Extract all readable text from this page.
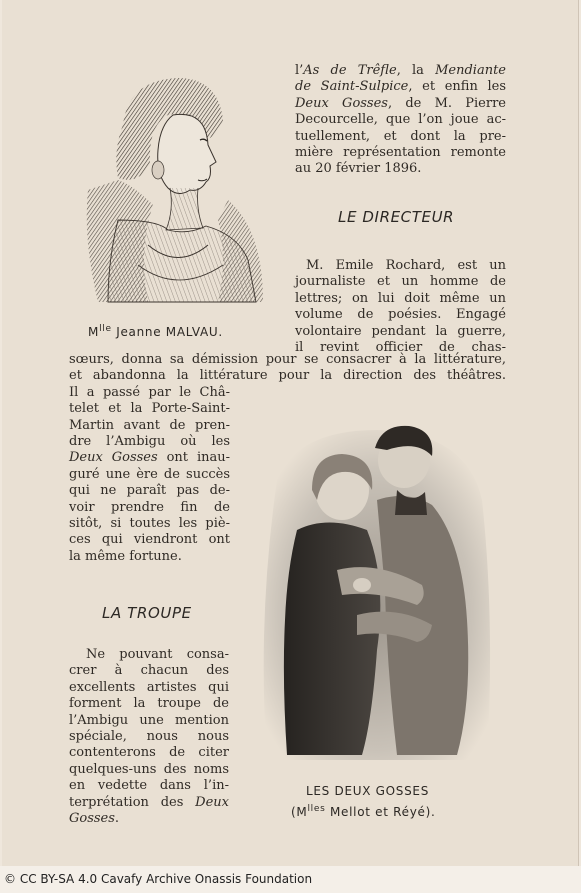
l’As de Trêfle, la Mendiante

de Saint-Sulpice, et enfin les

Deux Gosses, de M. Pierre

Decourcelle, que l’on joue ac-

tuellement, et dont la pre-

mière représentation remonte

au 20 février 1896.

$M^{lle}$ Jeanne MALVAU.
LE DIRECTEUR

M. Emile Rochard, est un

journaliste et un homme de

lettres; on lui doit même un

volume de poésies. Engagé

volontaire pendant la guerre,

il revint officier de chas-

sœurs, donna sa démission pour se consacrer à la littérature,

et abandonna la littérature pour la direction des théâtres.

Il a passé par le Châ-

telet et la Porte-Saint-

Martin avant de pren-

dre l’Ambigu où les

Deux Gosses ont inau-

guré une ère de succès

qui ne paraît pas de-

voir prendre fin de

sitôt, si toutes les piè-

ces qui viendront ont

la même fortune.

LES DEUX GOSSES
($M^{lles}$ Mellot et Réyé).
LA TROUPE

Ne pouvant consa-

crer à chacun des

excellents artistes qui

forment la troupe de

l’Ambigu une mention

spéciale, nous nous

contenterons de citer

quelques-uns des noms

en vedette dans l’in-

terprétation des Deux

Gosses.

© CC BY-SA 4.0 Cavafy Archive Onassis Foundation
